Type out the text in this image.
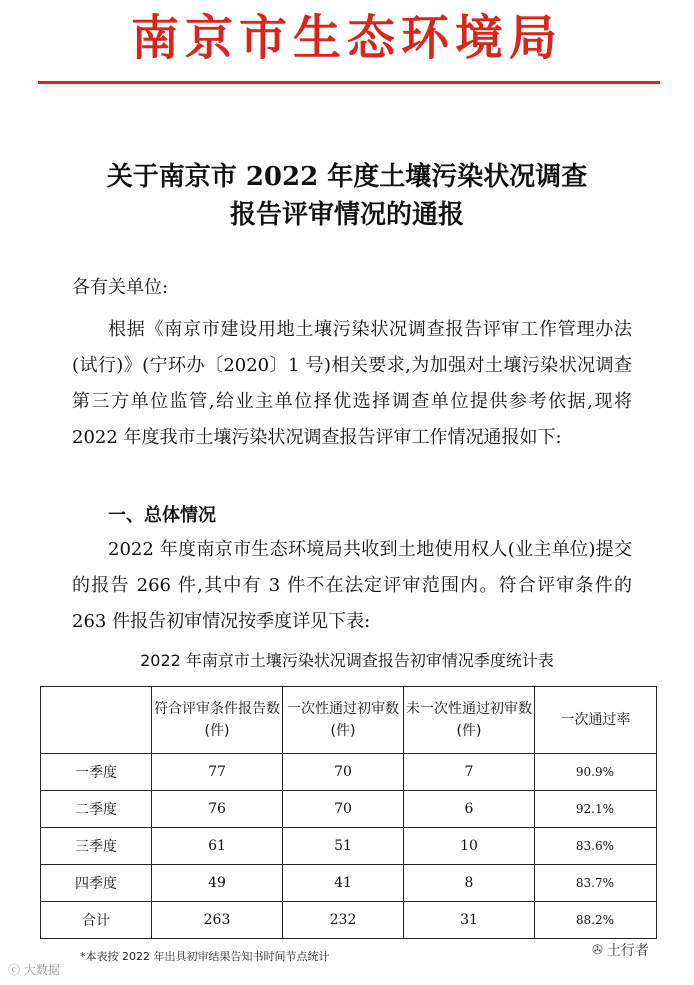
南京市生态环境局
关于南京市 2022 年度土壤污染状况调查
报告评审情况的通报
各有关单位:
根据《南京市建设用地土壤污染状况调查报告评审工作管理办法(试行)》(宁环办〔2020〕1 号)相关要求,为加强对土壤污染状况调查第三方单位监管,给业主单位择优选择调查单位提供参考依据,现将 2022 年度我市土壤污染状况调查报告评审工作情况通报如下:
一、总体情况
2022 年度南京市生态环境局共收到土地使用权人(业主单位)提交的报告 266 件,其中有 3 件不在法定评审范围内。符合评审条件的 263 件报告初审情况按季度详见下表:
2022 年南京市土壤污染状况调查报告初审情况季度统计表
	符合评审条件报告数(件)	一次性通过初审数(件)	未一次性通过初审数(件)	一次通过率
一季度	77	70	7	90.9%
二季度	76	70	6	92.1%
三季度	61	51	10	83.6%
四季度	49	41	8	83.7%
合计	263	232	31	88.2%
*本表按 2022 年出具初审结果告知书时间节点统计
ⓒ 大数据
✇ 土行者
